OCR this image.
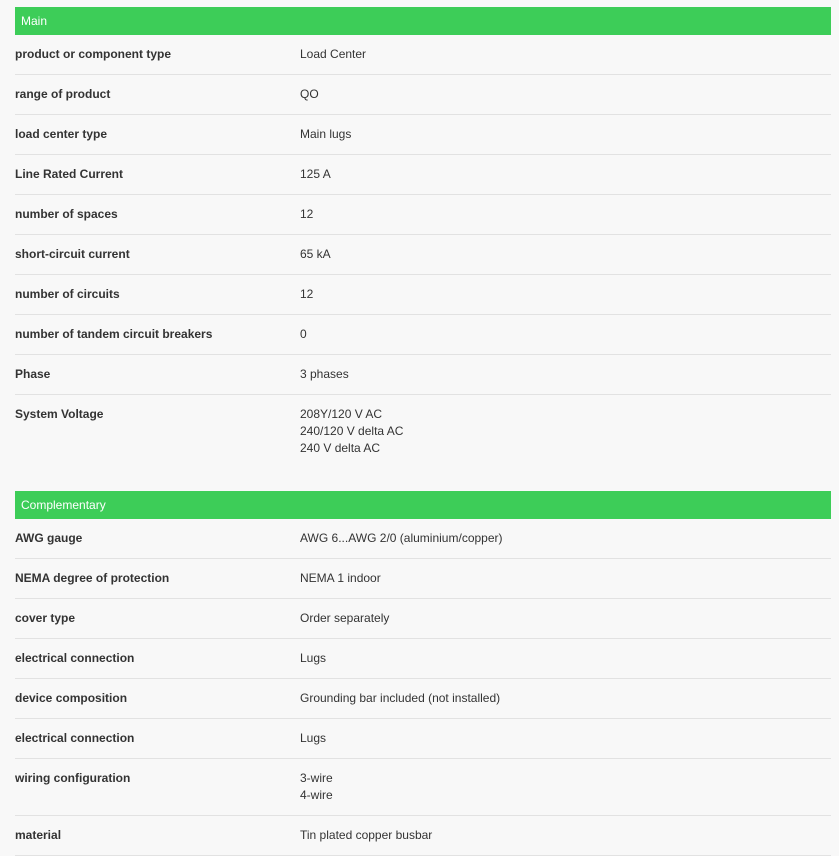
Main
product or component type	Load Center
range of product	QO
load center type	Main lugs
Line Rated Current	125 A
number of spaces	12
short-circuit current	65 kA
number of circuits	12
number of tandem circuit breakers	0
Phase	3 phases
System Voltage	208Y/120 V AC
240/120 V delta AC
240 V delta AC
Complementary
AWG gauge	AWG 6...AWG 2/0 (aluminium/copper)
NEMA degree of protection	NEMA 1 indoor
cover type	Order separately
electrical connection	Lugs
device composition	Grounding bar included (not installed)
electrical connection	Lugs
wiring configuration	3-wire
4-wire
material	Tin plated copper busbar
